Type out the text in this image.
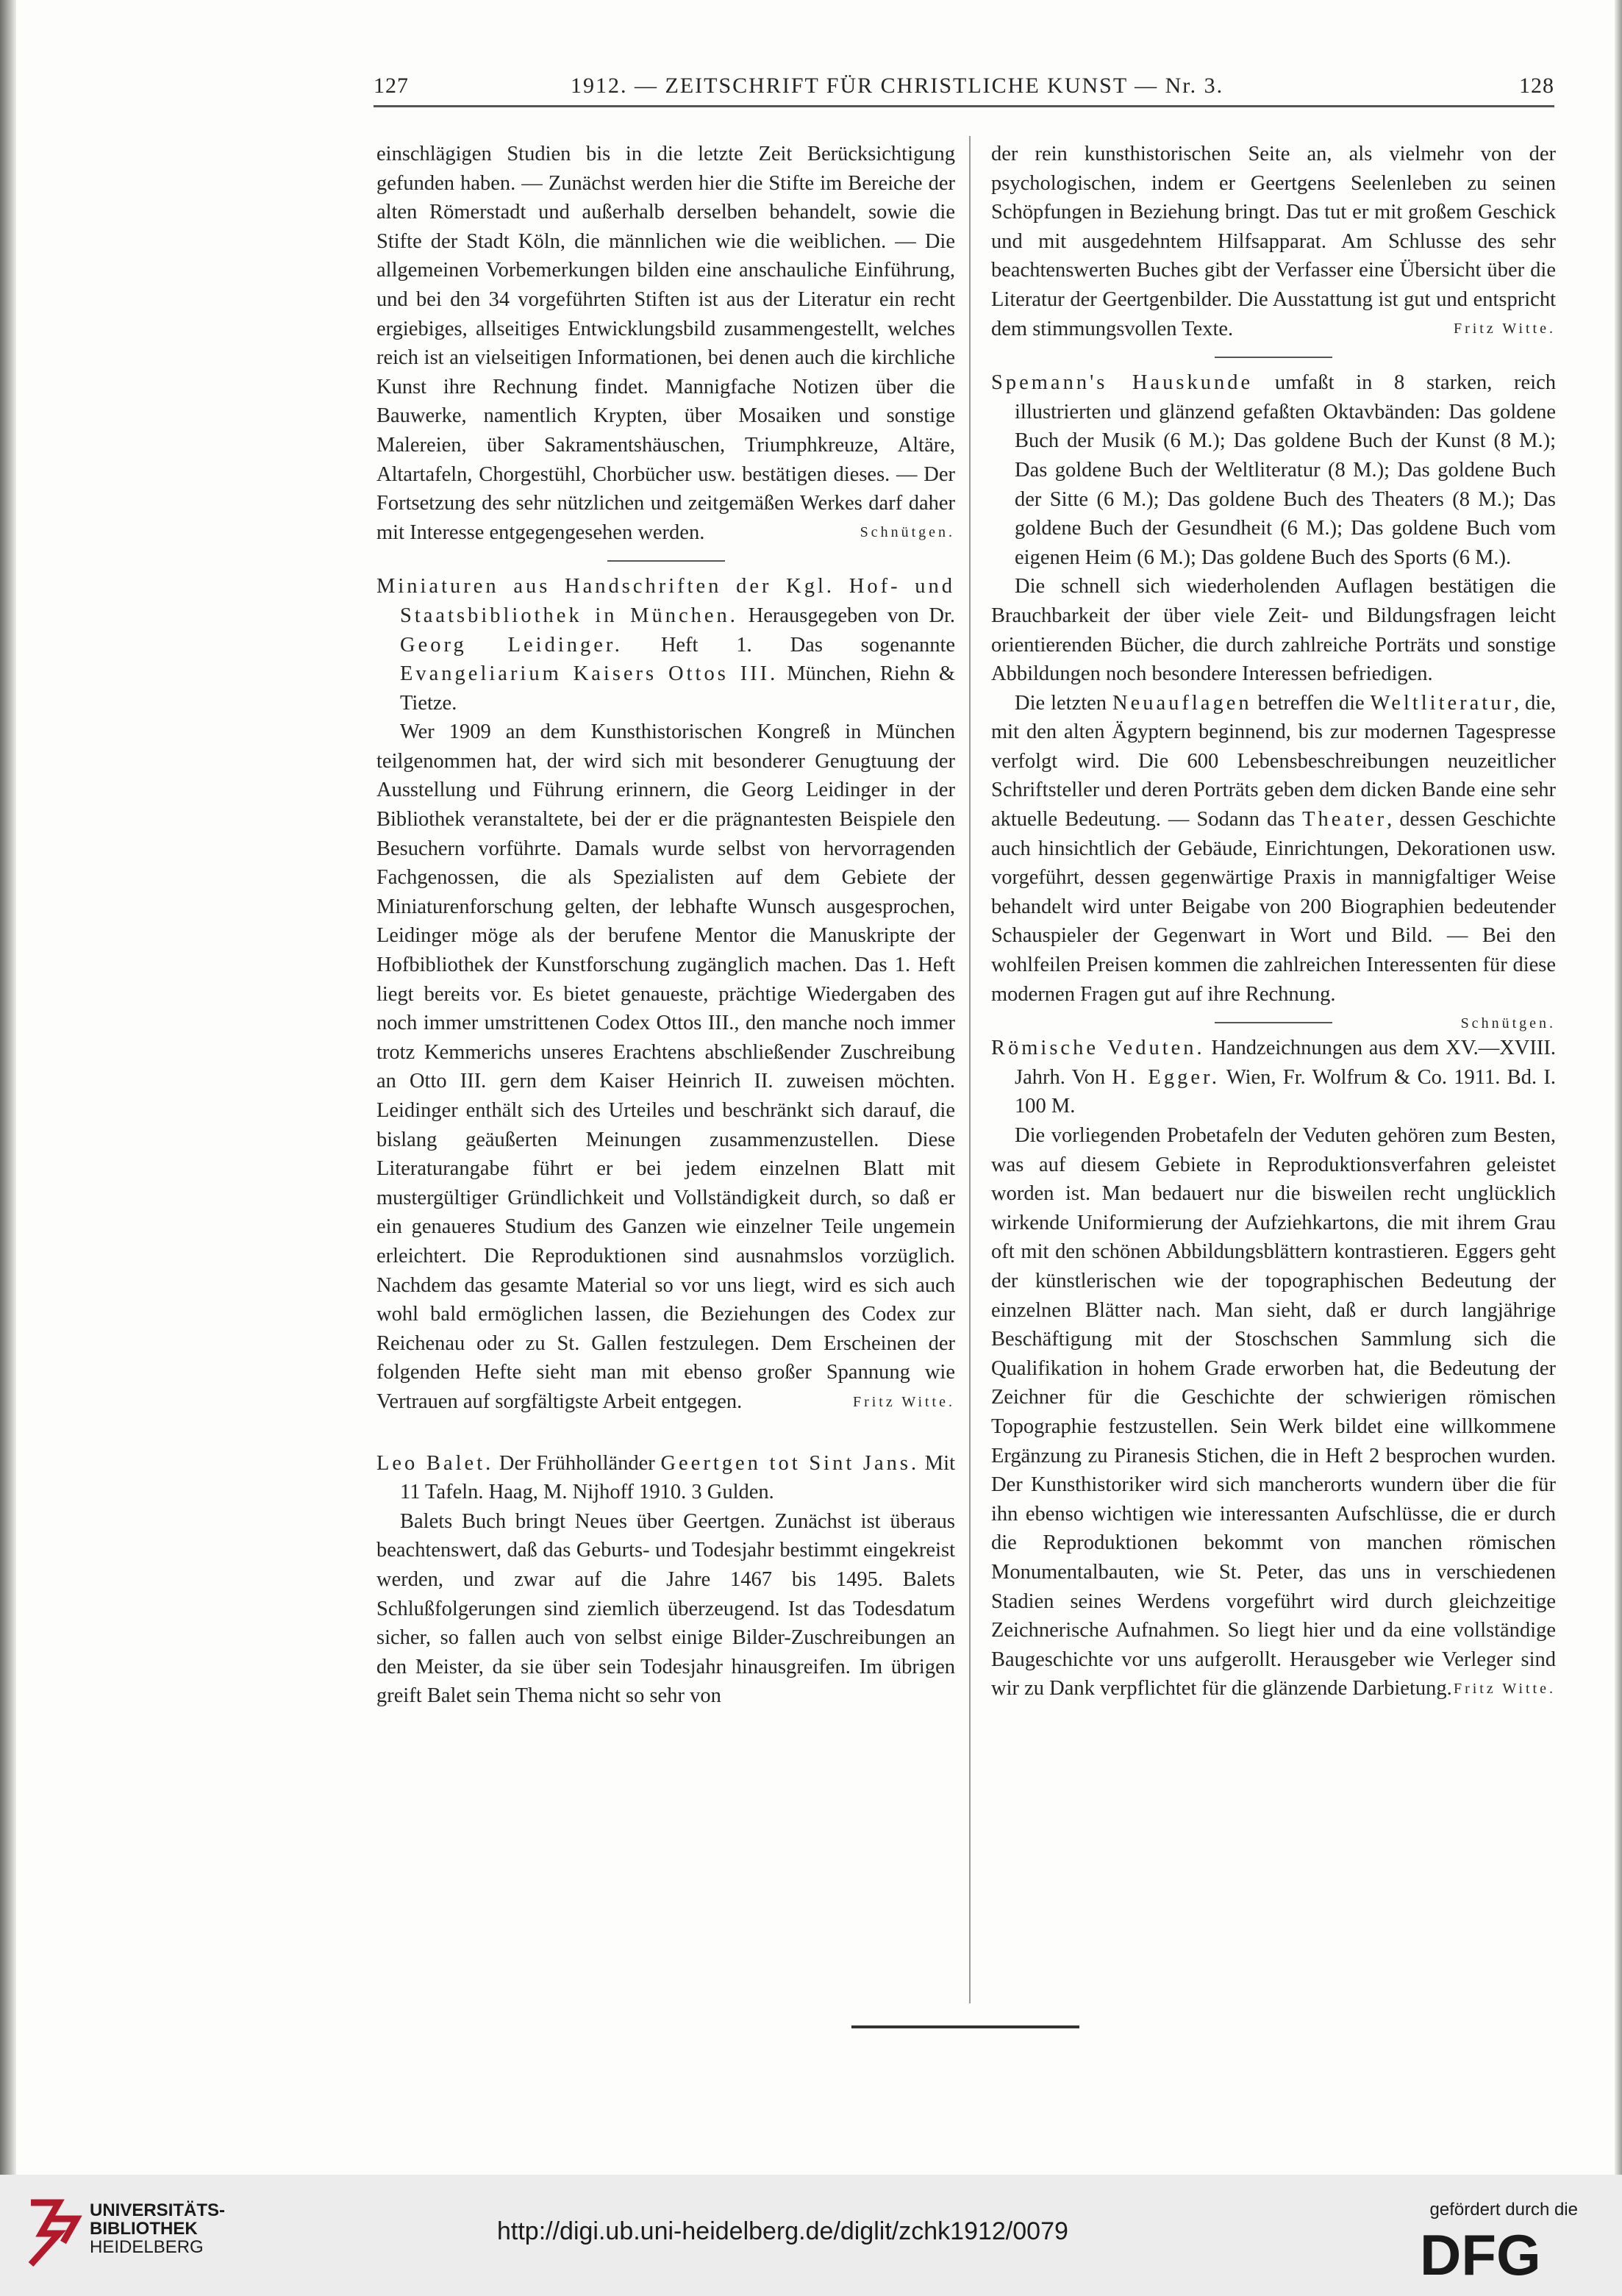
127	1912. — ZEITSCHRIFT FÜR CHRISTLICHE KUNST — Nr. 3.	128

einschlägigen Studien bis in die letzte Zeit Berücksichtigung gefunden haben. — Zunächst werden hier die Stifte im Bereiche der alten Römerstadt und außerhalb derselben behandelt, sowie die Stifte der Stadt Köln, die männlichen wie die weiblichen. — Die allgemeinen Vorbemerkungen bilden eine anschauliche Einführung, und bei den 34 vorgeführten Stiften ist aus der Literatur ein recht ergiebiges, allseitiges Entwicklungsbild zusammengestellt, welches reich ist an vielseitigen Informationen, bei denen auch die kirchliche Kunst ihre Rechnung findet. Mannigfache Notizen über die Bauwerke, namentlich Krypten, über Mosaiken und sonstige Malereien, über Sakramentshäuschen, Triumphkreuze, Altäre, Altartafeln, Chorgestühl, Chorbücher usw. bestätigen dieses. — Der Fortsetzung des sehr nützlichen und zeitgemäßen Werkes darf daher mit Interesse entgegengesehen werden.	Schnütgen.

Miniaturen aus Handschriften der Kgl. Hof- und Staatsbibliothek in München. Herausgegeben von Dr. Georg Leidinger. Heft 1. Das sogenannte Evangeliarium Kaisers Ottos III. München, Riehn & Tietze.

Wer 1909 an dem Kunsthistorischen Kongreß in München teilgenommen hat, der wird sich mit besonderer Genugtuung der Ausstellung und Führung erinnern, die Georg Leidinger in der Bibliothek veranstaltete, bei der er die prägnantesten Beispiele den Besuchern vorführte. Damals wurde selbst von hervorragenden Fachgenossen, die als Spezialisten auf dem Gebiete der Miniaturenforschung gelten, der lebhafte Wunsch ausgesprochen, Leidinger möge als der berufene Mentor die Manuskripte der Hofbibliothek der Kunstforschung zugänglich machen. Das 1. Heft liegt bereits vor. Es bietet genaueste, prächtige Wiedergaben des noch immer umstrittenen Codex Ottos III., den manche noch immer trotz Kemmerichs unseres Erachtens abschließender Zuschreibung an Otto III. gern dem Kaiser Heinrich II. zuweisen möchten. Leidinger enthält sich des Urteiles und beschränkt sich darauf, die bislang geäußerten Meinungen zusammenzustellen. Diese Literaturangabe führt er bei jedem einzelnen Blatt mit mustergültiger Gründlichkeit und Vollständigkeit durch, so daß er ein genaueres Studium des Ganzen wie einzelner Teile ungemein erleichtert. Die Reproduktionen sind ausnahmslos vorzüglich. Nachdem das gesamte Material so vor uns liegt, wird es sich auch wohl bald ermöglichen lassen, die Beziehungen des Codex zur Reichenau oder zu St. Gallen festzulegen. Dem Erscheinen der folgenden Hefte sieht man mit ebenso großer Spannung wie Vertrauen auf sorgfältigste Arbeit entgegen.	Fritz Witte.

Leo Balet. Der Frühholländer Geertgen tot Sint Jans. Mit 11 Tafeln. Haag, M. Nijhoff 1910. 3 Gulden.

Balets Buch bringt Neues über Geertgen. Zunächst ist überaus beachtenswert, daß das Geburts- und Todesjahr bestimmt eingekreist werden, und zwar auf die Jahre 1467 bis 1495. Balets Schlußfolgerungen sind ziemlich überzeugend. Ist das Todesdatum sicher, so fallen auch von selbst einige Bilder-Zuschreibungen an den Meister, da sie über sein Todesjahr hinausgreifen. Im übrigen greift Balet sein Thema nicht so sehr von

der rein kunsthistorischen Seite an, als vielmehr von der psychologischen, indem er Geertgens Seelenleben zu seinen Schöpfungen in Beziehung bringt. Das tut er mit großem Geschick und mit ausgedehntem Hilfsapparat. Am Schlusse des sehr beachtenswerten Buches gibt der Verfasser eine Übersicht über die Literatur der Geertgenbilder. Die Ausstattung ist gut und entspricht dem stimmungsvollen Texte.	Fritz Witte.

Spemann's Hauskunde umfaßt in 8 starken, reich illustrierten und glänzend gefaßten Oktavbänden: Das goldene Buch der Musik (6 M.); Das goldene Buch der Kunst (8 M.); Das goldene Buch der Weltliteratur (8 M.); Das goldene Buch der Sitte (6 M.); Das goldene Buch des Theaters (8 M.); Das goldene Buch der Gesundheit (6 M.); Das goldene Buch vom eigenen Heim (6 M.); Das goldene Buch des Sports (6 M.).

Die schnell sich wiederholenden Auflagen bestätigen die Brauchbarkeit der über viele Zeit- und Bildungsfragen leicht orientierenden Bücher, die durch zahlreiche Porträts und sonstige Abbildungen noch besondere Interessen befriedigen.

Die letzten Neuauflagen betreffen die Weltliteratur, die, mit den alten Ägyptern beginnend, bis zur modernen Tagespresse verfolgt wird. Die 600 Lebensbeschreibungen neuzeitlicher Schriftsteller und deren Porträts geben dem dicken Bande eine sehr aktuelle Bedeutung. — Sodann das Theater, dessen Geschichte auch hinsichtlich der Gebäude, Einrichtungen, Dekorationen usw. vorgeführt, dessen gegenwärtige Praxis in mannigfaltiger Weise behandelt wird unter Beigabe von 200 Biographien bedeutender Schauspieler der Gegenwart in Wort und Bild. — Bei den wohlfeilen Preisen kommen die zahlreichen Interessenten für diese modernen Fragen gut auf ihre Rechnung.

Schnütgen.

Römische Veduten. Handzeichnungen aus dem XV.—XVIII. Jahrh. Von H. Egger. Wien, Fr. Wolfrum & Co. 1911. Bd. I. 100 M.

Die vorliegenden Probetafeln der Veduten gehören zum Besten, was auf diesem Gebiete in Reproduktionsverfahren geleistet worden ist. Man bedauert nur die bisweilen recht unglücklich wirkende Uniformierung der Aufziehkartons, die mit ihrem Grau oft mit den schönen Abbildungsblättern kontrastieren. Eggers geht der künstlerischen wie der topographischen Bedeutung der einzelnen Blätter nach. Man sieht, daß er durch langjährige Beschäftigung mit der Stoschschen Sammlung sich die Qualifikation in hohem Grade erworben hat, die Bedeutung der Zeichner für die Geschichte der schwierigen römischen Topographie festzustellen. Sein Werk bildet eine willkommene Ergänzung zu Piranesis Stichen, die in Heft 2 besprochen wurden. Der Kunsthistoriker wird sich mancherorts wundern über die für ihn ebenso wichtigen wie interessanten Aufschlüsse, die er durch die Reproduktionen bekommt von manchen römischen Monumentalbauten, wie St. Peter, das uns in verschiedenen Stadien seines Werdens vorgeführt wird durch gleichzeitige Zeichnerische Aufnahmen. So liegt hier und da eine vollständige Baugeschichte vor uns aufgerollt. Herausgeber wie Verleger sind wir zu Dank verpflichtet für die glänzende Darbietung. Fritz Witte.
UNIVERSITÄTS-
BIBLIOTHEK
HEIDELBERG
http://digi.ub.uni-heidelberg.de/diglit/zchk1912/0079
gefördert durch die
DFG
